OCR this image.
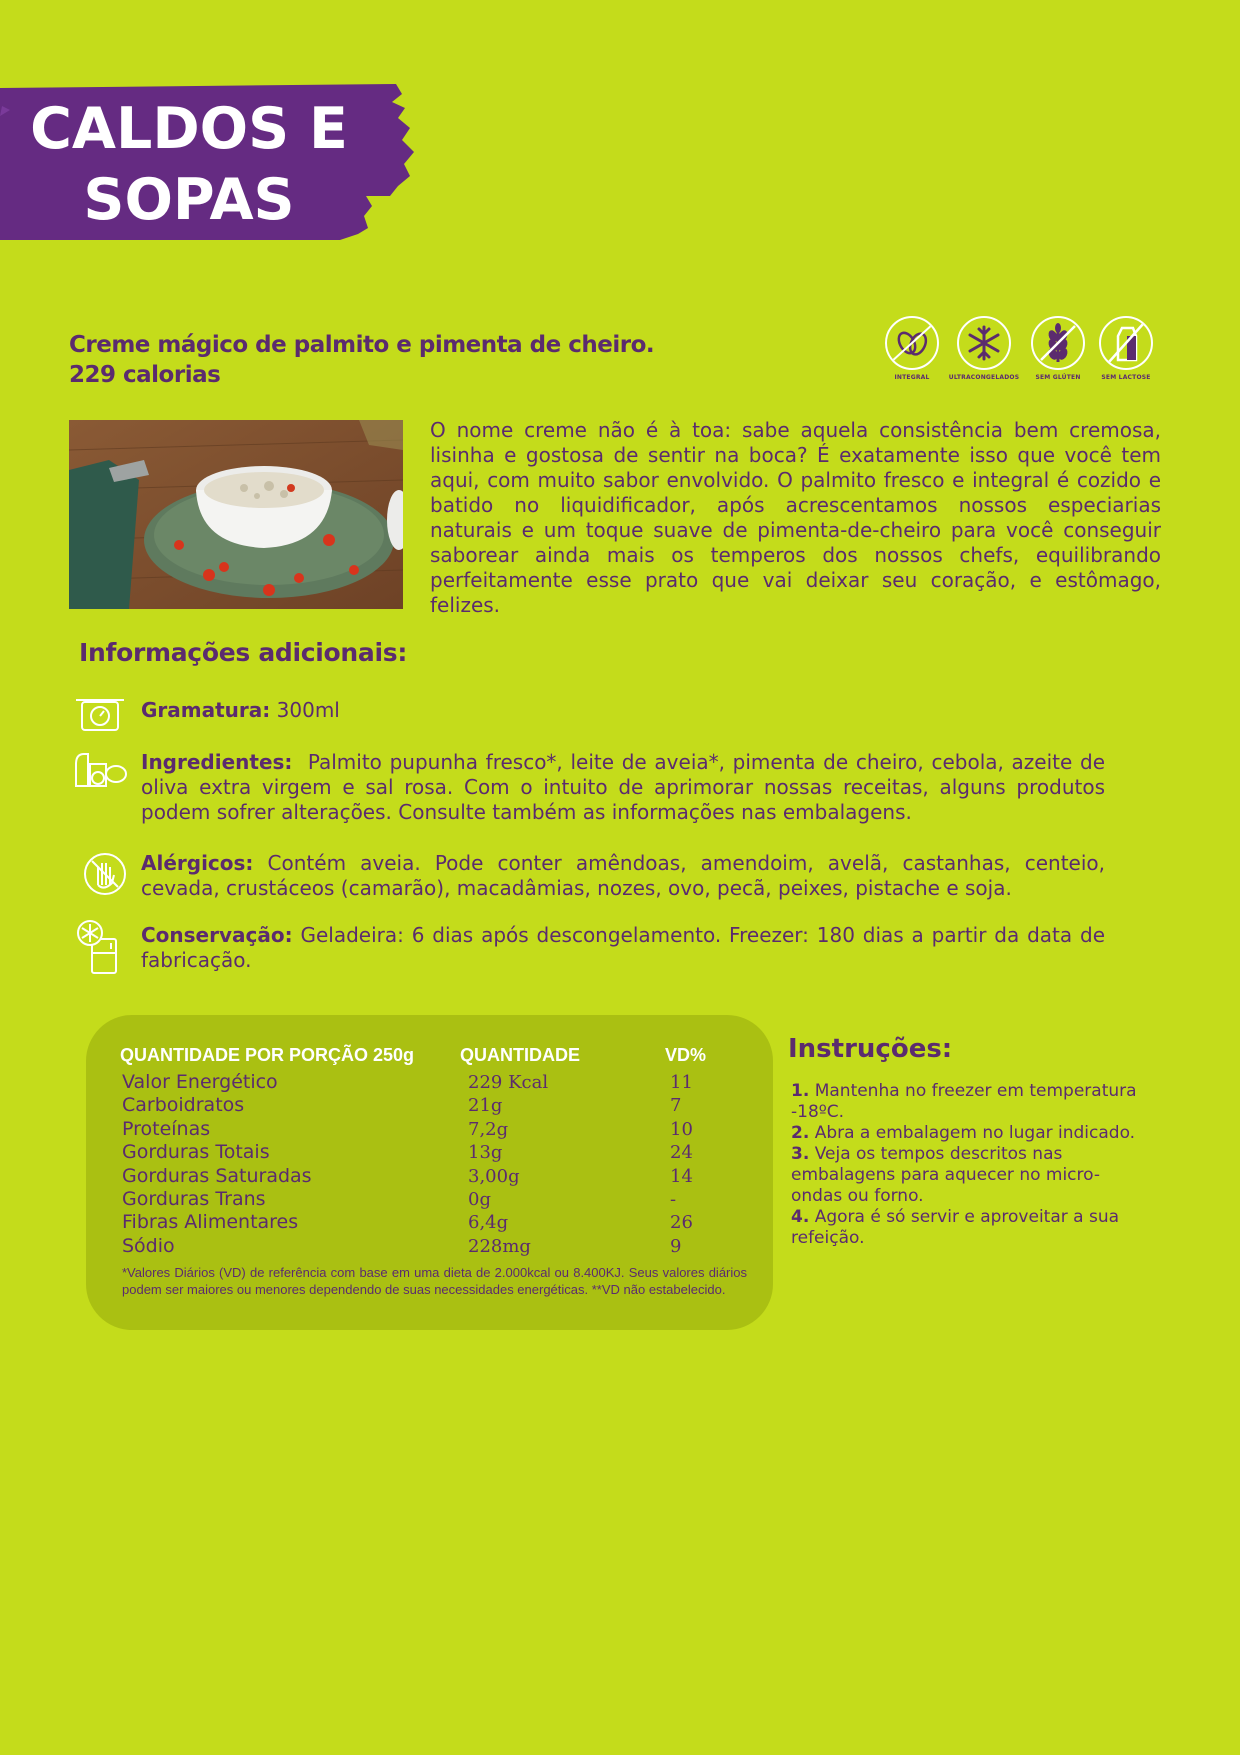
CALDOS E
SOPAS
Creme mágico de palmito e pimenta de cheiro.
229 calorias	INTEGRAL	ULTRACONGELADOS	SEM GLÚTEN	SEM LACTOSE
O nome creme não é à toa: sabe aquela consistência bem cremosa, lisinha e gostosa de sentir na boca? É exatamente isso que você tem aqui, com muito sabor envolvido. O palmito fresco e integral é cozido e batido no liquidificador, após acrescentamos nossos especiarias naturais e um toque suave de pimenta-de-cheiro para você conseguir saborear ainda mais os temperos dos nossos chefs, equilibrando perfeitamente esse prato que vai deixar seu coração, e estômago, felizes.
Informações adicionais:
Gramatura: 300ml
Ingredientes: Palmito pupunha fresco*, leite de aveia*, pimenta de cheiro, cebola, azeite de oliva extra virgem e sal rosa. Com o intuito de aprimorar nossas receitas, alguns produtos podem sofrer alterações. Consulte também as informações nas embalagens.
Alérgicos: Contém aveia. Pode conter amêndoas, amendoim, avelã, castanhas, centeio, cevada, crustáceos (camarão), macadâmias, nozes, ovo, pecã, peixes, pistache e soja.
Conservação: Geladeira: 6 dias após descongelamento. Freezer: 180 dias a partir da data de fabricação.
QUANTIDADE POR PORÇÃO 250g	QUANTIDADE	VD%
Valor Energético	229 Kcal	11
Carboidratos	21g	7
Proteínas	7,2g	10
Gorduras Totais	13g	24
Gorduras Saturadas	3,00g	14
Gorduras Trans	0g	-
Fibras Alimentares	6,4g	26
Sódio	228mg	9
*Valores Diários (VD) de referência com base em uma dieta de 2.000kcal ou 8.400KJ. Seus valores diários podem ser maiores ou menores dependendo de suas necessidades energéticas. **VD não estabelecido.
Instruções:

1. Mantenha no freezer em temperatura -18ºC.

2. Abra a embalagem no lugar indicado.

3. Veja os tempos descritos nas embalagens para aquecer no micro-ondas ou forno.

4. Agora é só servir e aproveitar a sua refeição.
